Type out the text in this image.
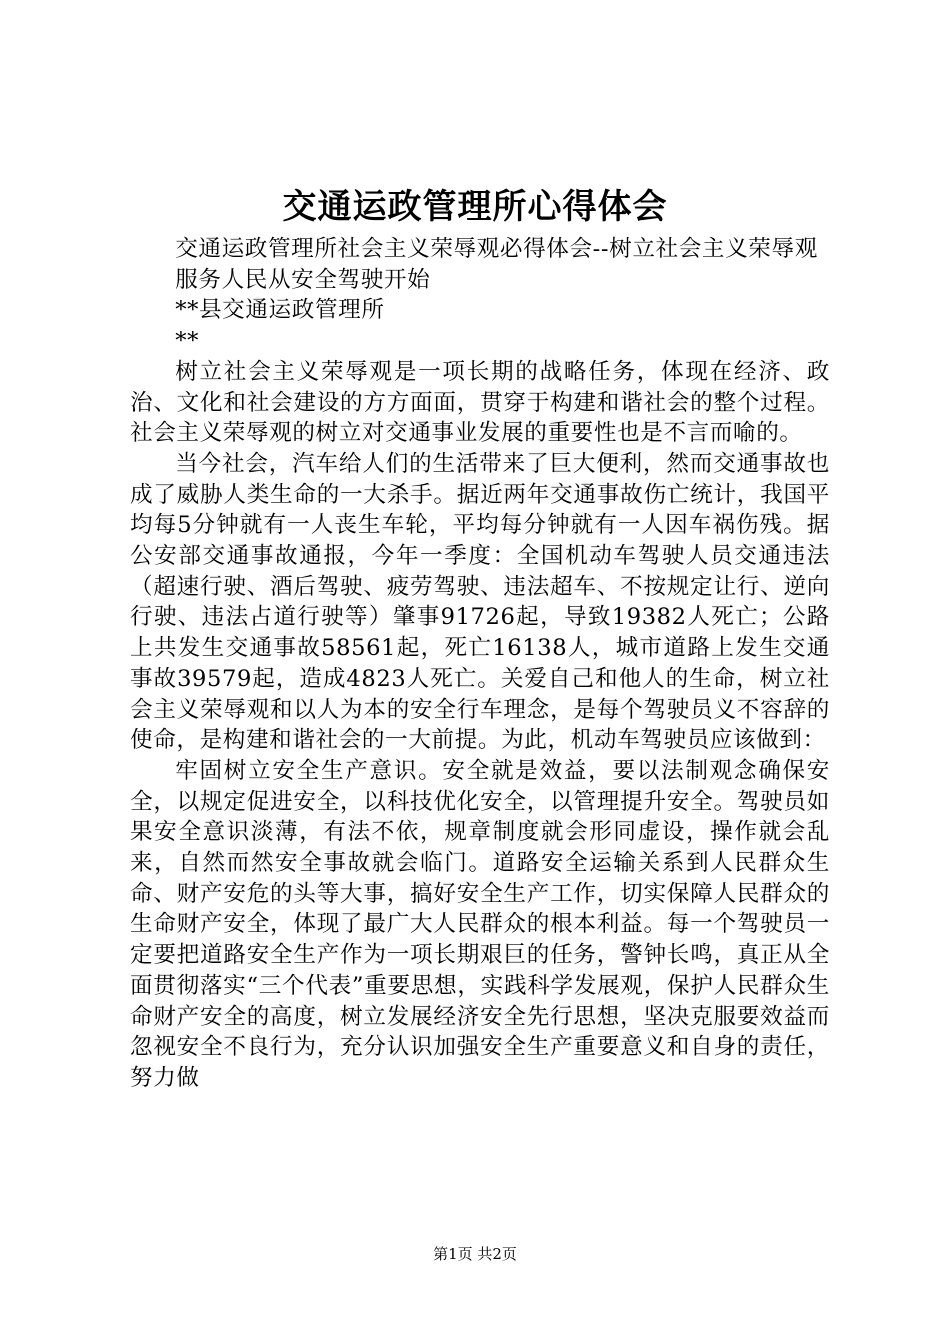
交通运政管理所心得体会

交通运政管理所社会主义荣辱观必得体会--树立社会主义荣辱观

服务人民从安全驾驶开始

**县交通运政管理所

**

树立社会主义荣辱观是一项长期的战略任务，体现在经济、政治、文化和社会建设的方方面面，贯穿于构建和谐社会的整个过程。社会主义荣辱观的树立对交通事业发展的重要性也是不言而喻的。

当今社会，汽车给人们的生活带来了巨大便利，然而交通事故也成了威胁人类生命的一大杀手。据近两年交通事故伤亡统计，我国平均每5分钟就有一人丧生车轮，平均每分钟就有一人因车祸伤残。据公安部交通事故通报，今年一季度：全国机动车驾驶人员交通违法（超速行驶、酒后驾驶、疲劳驾驶、违法超车、不按规定让行、逆向行驶、违法占道行驶等）肇事91726起，导致19382人死亡；公路上共发生交通事故58561起，死亡16138人，城市道路上发生交通事故39579起，造成4823人死亡。关爱自己和他人的生命，树立社会主义荣辱观和以人为本的安全行车理念，是每个驾驶员义不容辞的使命，是构建和谐社会的一大前提。为此，机动车驾驶员应该做到：

牢固树立安全生产意识。安全就是效益，要以法制观念确保安全，以规定促进安全，以科技优化安全，以管理提升安全。驾驶员如果安全意识淡薄，有法不依，规章制度就会形同虚设，操作就会乱来，自然而然安全事故就会临门。道路安全运输关系到人民群众生命、财产安危的头等大事，搞好安全生产工作，切实保障人民群众的生命财产安全，体现了最广大人民群众的根本利益。每一个驾驶员一定要把道路安全生产作为一项长期艰巨的任务，警钟长鸣，真正从全面贯彻落实“三个代表”重要思想，实践科学发展观，保护人民群众生命财产安全的高度，树立发展经济安全先行思想，坚决克服要效益而忽视安全不良行为，充分认识加强安全生产重要意义和自身的责任，努力做

第1页 共2页
